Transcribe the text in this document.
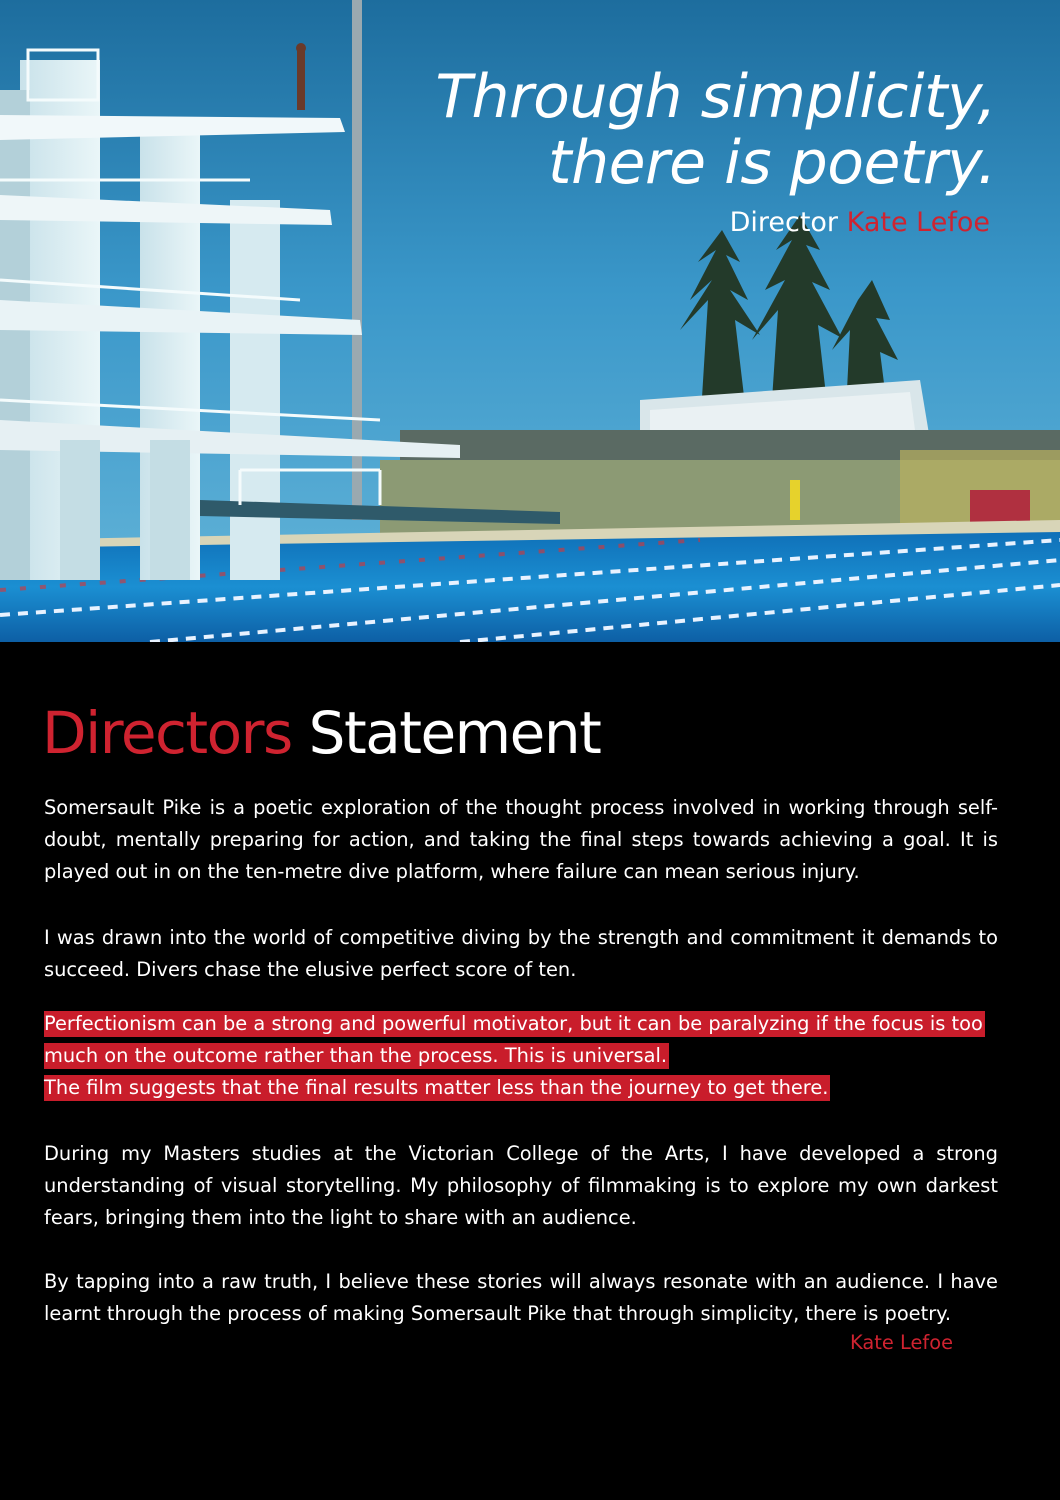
Through simplicity,
there is poetry.
Director Kate Lefoe
Directors Statement

Somersault Pike is a poetic exploration of the thought process involved in working through self-doubt, mentally preparing for action, and taking the final steps towards achieving a goal. It is played out in on the ten-metre dive platform, where failure can mean serious injury.

I was drawn into the world of competitive diving by the strength and commitment it demands to succeed. Divers chase the elusive perfect score of ten.

Perfectionism can be a strong and powerful motivator, but it can be paralyzing if the focus is too much on the outcome rather than the process. This is universal.
The film suggests that the final results matter less than the journey to get there.

During my Masters studies at the Victorian College of the Arts, I have developed a strong understanding of visual storytelling. My philosophy of filmmaking is to explore my own darkest fears, bringing them into the light to share with an audience.

By tapping into a raw truth, I believe these stories will always resonate with an audience. I have learnt through the process of making Somersault Pike that through simplicity, there is poetry.

Kate Lefoe
